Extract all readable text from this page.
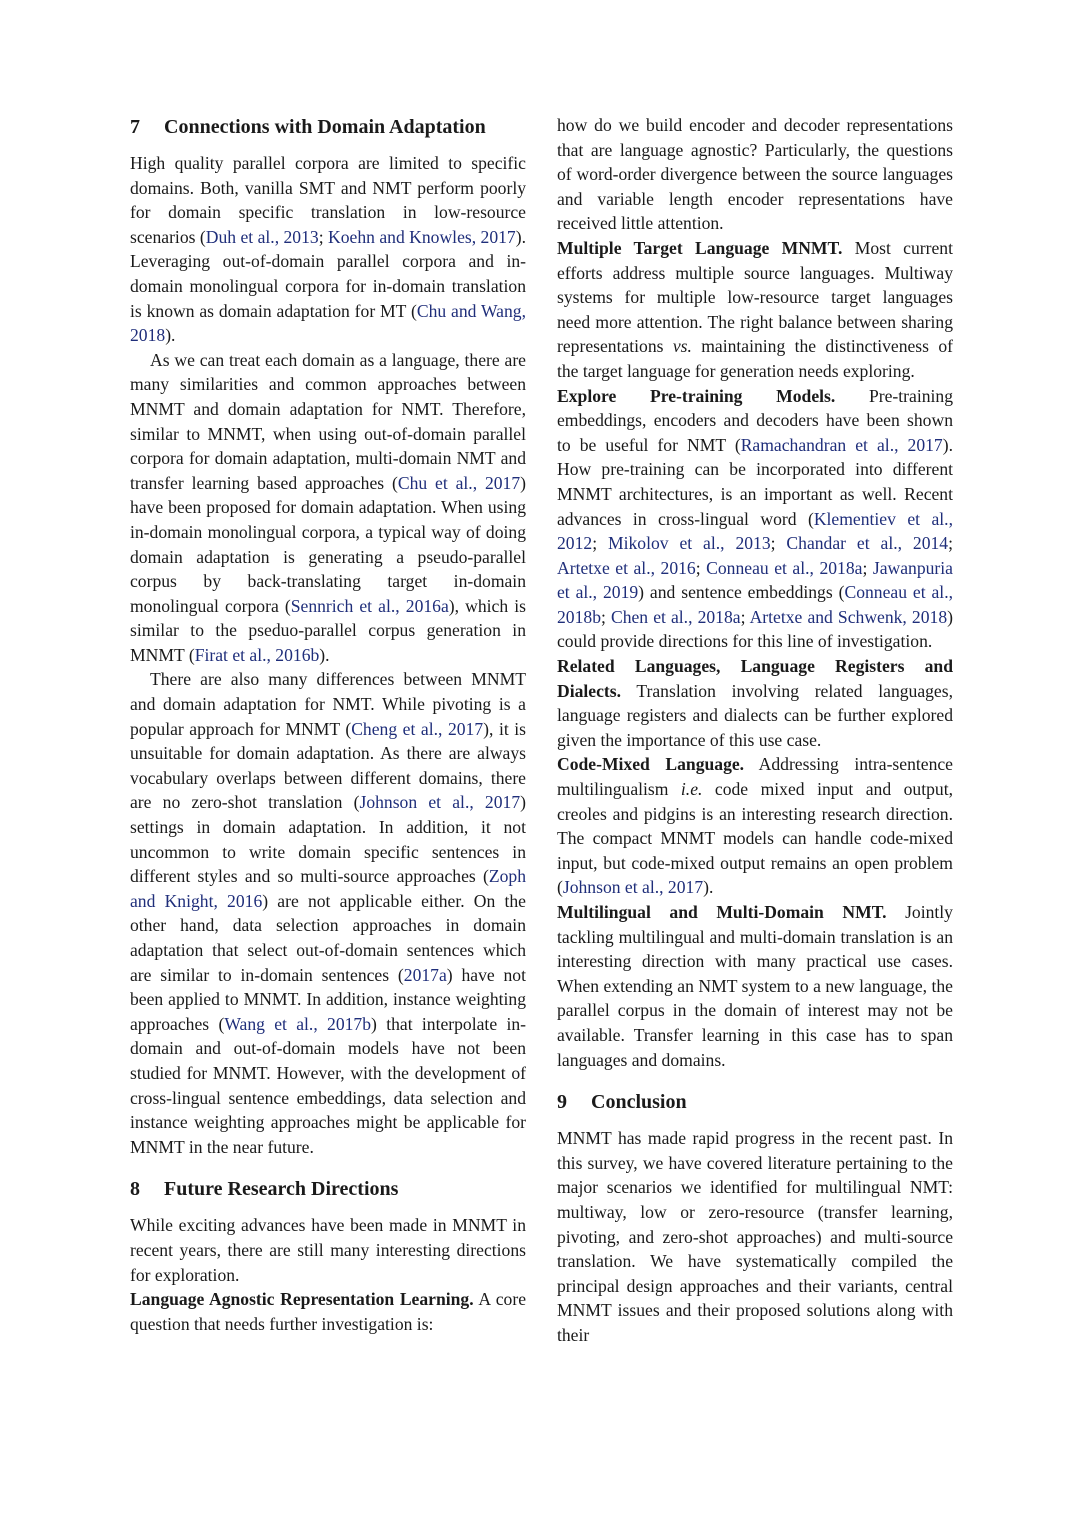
7 Connections with Domain Adaptation

High quality parallel corpora are limited to specific domains. Both, vanilla SMT and NMT perform poorly for domain specific translation in low-resource scenarios (Duh et al., 2013; Koehn and Knowles, 2017). Leveraging out-of-domain parallel corpora and in-domain monolingual corpora for in-domain translation is known as domain adaptation for MT (Chu and Wang, 2018).

As we can treat each domain as a language, there are many similarities and common approaches between MNMT and domain adaptation for NMT. Therefore, similar to MNMT, when using out-of-domain parallel corpora for domain adaptation, multi-domain NMT and transfer learning based approaches (Chu et al., 2017) have been proposed for domain adaptation. When using in-domain monolingual corpora, a typical way of doing domain adaptation is generating a pseudo-parallel corpus by back-translating target in-domain monolingual corpora (Sennrich et al., 2016a), which is similar to the pseduo-parallel corpus generation in MNMT (Firat et al., 2016b).

There are also many differences between MNMT and domain adaptation for NMT. While pivoting is a popular approach for MNMT (Cheng et al., 2017), it is unsuitable for domain adaptation. As there are always vocabulary overlaps between different domains, there are no zero-shot translation (Johnson et al., 2017) settings in domain adaptation. In addition, it not uncommon to write domain specific sentences in different styles and so multi-source approaches (Zoph and Knight, 2016) are not applicable either. On the other hand, data selection approaches in domain adaptation that select out-of-domain sentences which are similar to in-domain sentences (2017a) have not been applied to MNMT. In addition, instance weighting approaches (Wang et al., 2017b) that interpolate in-domain and out-of-domain models have not been studied for MNMT. However, with the development of cross-lingual sentence embeddings, data selection and instance weighting approaches might be applicable for MNMT in the near future.

8 Future Research Directions

While exciting advances have been made in MNMT in recent years, there are still many interesting directions for exploration.

Language Agnostic Representation Learning. A core question that needs further investigation is:

how do we build encoder and decoder representations that are language agnostic? Particularly, the questions of word-order divergence between the source languages and variable length encoder representations have received little attention.

Multiple Target Language MNMT. Most current efforts address multiple source languages. Multiway systems for multiple low-resource target languages need more attention. The right balance between sharing representations vs. maintaining the distinctiveness of the target language for generation needs exploring.

Explore Pre-training Models. Pre-training embeddings, encoders and decoders have been shown to be useful for NMT (Ramachandran et al., 2017). How pre-training can be incorporated into different MNMT architectures, is an important as well. Recent advances in cross-lingual word (Klementiev et al., 2012; Mikolov et al., 2013; Chandar et al., 2014; Artetxe et al., 2016; Conneau et al., 2018a; Jawanpuria et al., 2019) and sentence embeddings (Conneau et al., 2018b; Chen et al., 2018a; Artetxe and Schwenk, 2018) could provide directions for this line of investigation.

Related Languages, Language Registers and Dialects. Translation involving related languages, language registers and dialects can be further explored given the importance of this use case.

Code-Mixed Language. Addressing intra-sentence multilingualism i.e. code mixed input and output, creoles and pidgins is an interesting research direction. The compact MNMT models can handle code-mixed input, but code-mixed output remains an open problem (Johnson et al., 2017).

Multilingual and Multi-Domain NMT. Jointly tackling multilingual and multi-domain translation is an interesting direction with many practical use cases. When extending an NMT system to a new language, the parallel corpus in the domain of interest may not be available. Transfer learning in this case has to span languages and domains.

9 Conclusion

MNMT has made rapid progress in the recent past. In this survey, we have covered literature pertaining to the major scenarios we identified for multilingual NMT: multiway, low or zero-resource (transfer learning, pivoting, and zero-shot approaches) and multi-source translation. We have systematically compiled the principal design approaches and their variants, central MNMT issues and their proposed solutions along with their
